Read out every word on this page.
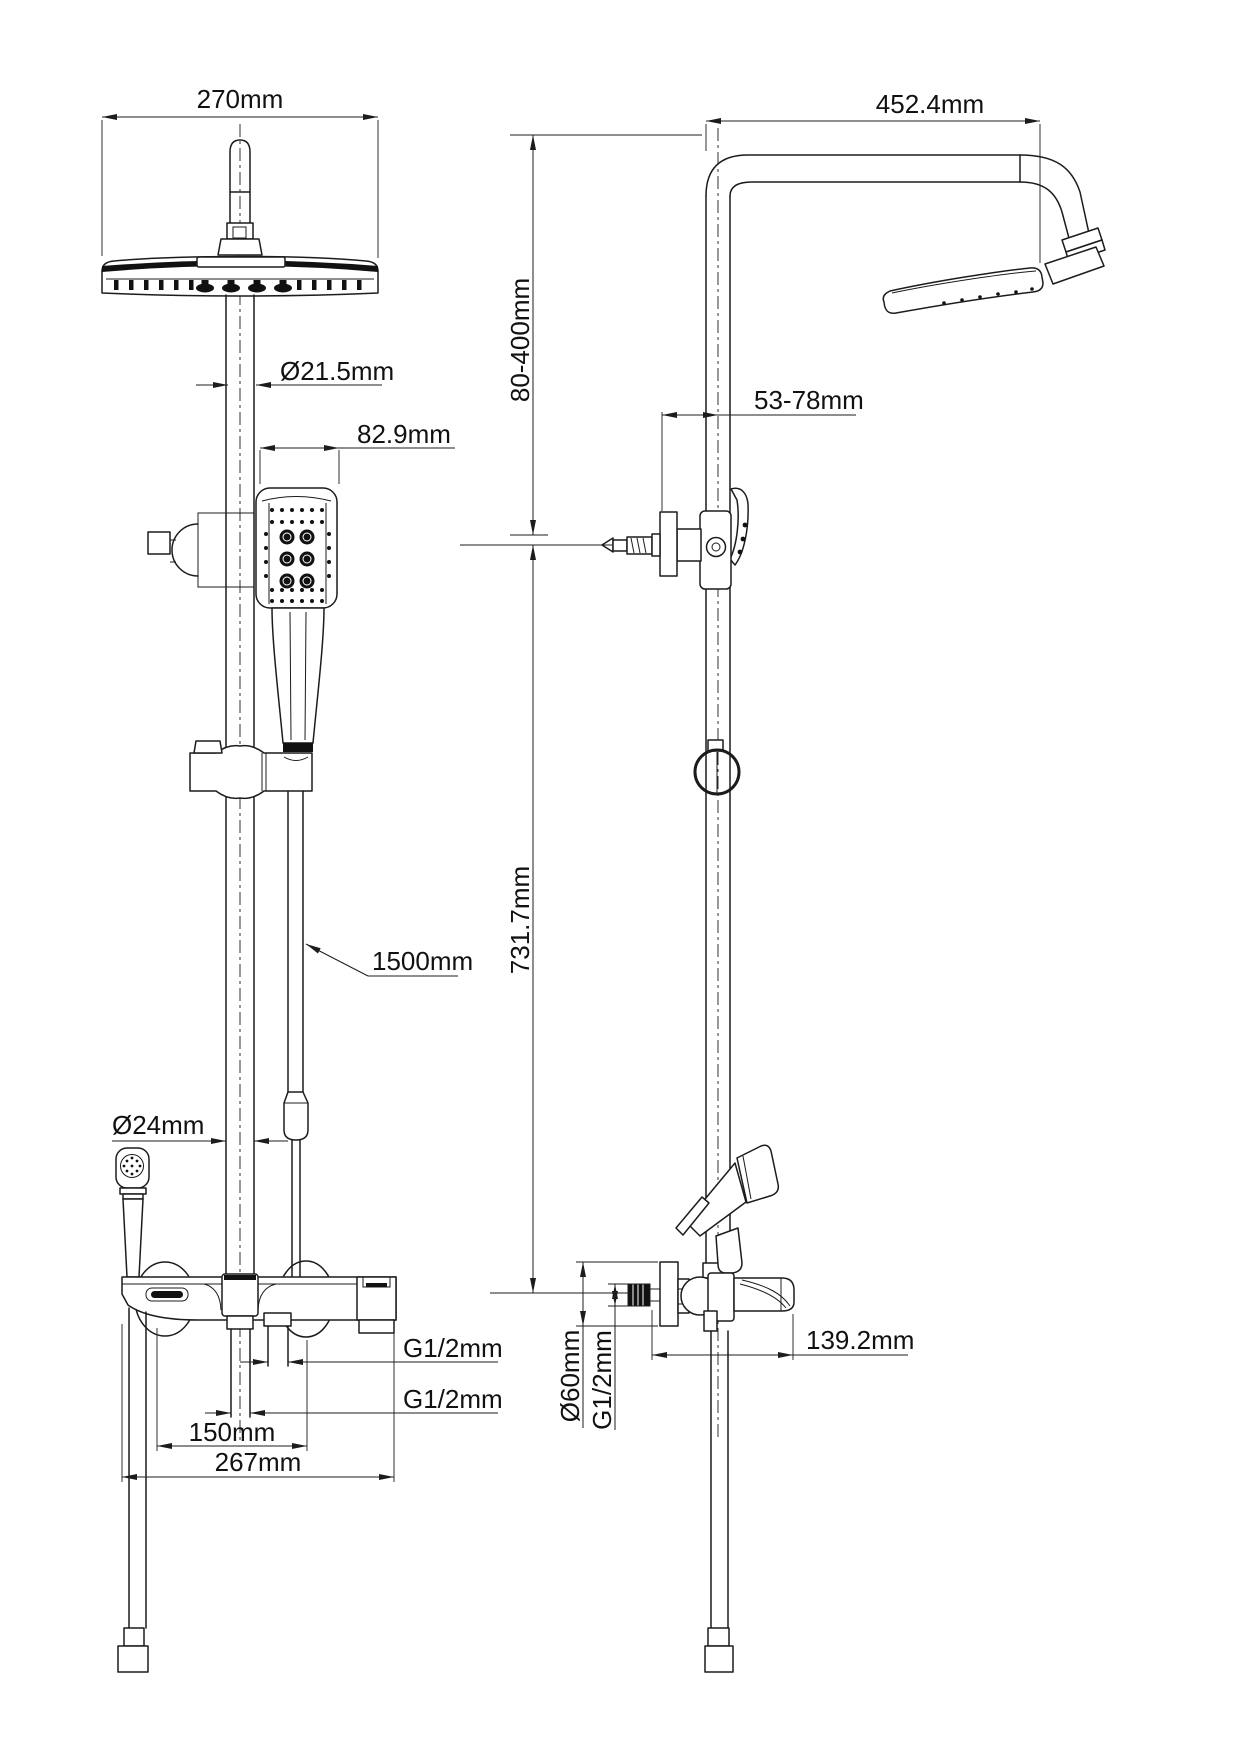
270mm
Ø21.5mm
82.9mm
1500mm
Ø24mm
G1/2mm
G1/2mm
150mm
267mm
452.4mm
80-400mm	53-78mm
731.7mm
139.2mm
Ø60mm G1/2mm
